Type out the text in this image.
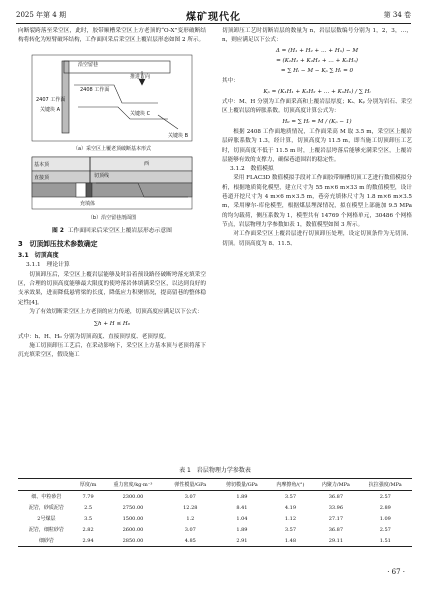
2025 年第 4 期	煤矿现代化	第 34 卷

向断裂跨落至采空区，此时，胶带顺槽采空区上方老顶的“O-X”变形破断结构将转化为短臂破坏结构，工作面回采后采空区上覆岩层形态如图 2 所示。

沿空留巷
2408 工作面
推进方向
2407 工作面
关键块 A
关键块 C
关键块 B
（a）采空区上覆老顶破断基本形式
西
基本顶
直接顶	切顶线
充填体
（b）沿空留巷剖面图
图 2 工作面回采后采空区上覆岩层形态示意图
3　切顶卸压技术参数确定
3.1　切顶高度
3.1.1　理论计算

切顶卸压后，采空区上覆岩层能够及时沿着预设路径破断垮落充填采空区，合理的切顶高度能够最大限度的使垮落岩体填满采空区，以达到良好的支承效果，进而降低悬臂梁的长度，降低应力积聚情况，提高留巷的整体稳定性[4]。

为了有效切断采空区上方老顶的应力传递，切顶高度应满足以下公式：

∑h + H ≤ H₀

式中：h、H、H₀ 分别为切顶高度、直接顶厚度、老顶厚度。

施工切顶卸压工艺后，在采动影响下，采空区上方基本顶与老顶将落下沉充填采空区，假设施工

切顶卸压工艺时切断岩层的数量为 n，岩层层数编号分别为 1，2，3，…，n，则应满足以下公式：

Δ = (H₁ + H₂ + … + Hₙ) − M
= (K₁H₁ + K₂H₂ + … + KₙHₙ)
= ∑ Hᵢ − M − Kₚ ∑ Hᵢ = 0

其中：

Kₚ = (K₁H₁ + K₂H₂ + … + KₙHₙ) / ∑ Hᵢ

式中：M、H 分别为工作面采高和上覆岩层厚度；Kᵢ、Kₚ 分别为岩石、采空区上覆岩层的碎胀系数。切顶高度计算公式为：

H₀ = ∑ Hᵢ = M / (Kₚ − 1)

根据 2408 工作面地质情况，工作面采高 M 取 3.5 m，采空区上覆岩层碎胀系数为 1.3，经计算，切顶高度为 11.5 m，即当施工切顶卸压工艺时，切顶高度不低于 11.5 m 时，上覆岩层垮落后能够充满采空区，上覆岩层能够有效的支撑力，确保巷道围岩的稳定性。

3.1.2　数值模拟

采用 FLAC3D 数值模拟手段对工作面胶带顺槽切顶工艺进行数值模拟分析，根据地质简化模型，建立尺寸为 55 m×6 m×33 m 的数值模型，设计巷道开挖尺寸为 4 m×6 m×3.5 m，巷旁充填体尺寸为 1.8 m×6 m×3.5 m，采用摩尔-库伦模型，根据煤层埋深情况，拟在模型上部施加 9.5 MPa 的均匀载荷，侧压系数为 1，模型共有 14769 个网格单元，30486 个网格节点，岩层物理力学参数如表 1，数值模型如图 3 所示。

对工作面采空区上覆岩层进行切顶卸压处理，设定切顶条件为无切顶、切顶。切顶高度为 8、11.5、

表 1　岩层物理力学参数表
	厚度/m	重力密度/kg·m⁻³	弹性模量/GPa	剪切模量/GPa	内摩擦角/(°)	内聚力/MPa	抗拉强度/MPa
细、中粒砂岩	7.79	2300.00	3.07	1.89	3.57	36.87	2.57
泥岩，砂质泥岩	2.5	2750.00	12.28	8.41	4.19	33.96	2.89
2号煤层	3.5	1500.00	1.2	1.04	1.12	27.17	1.09
泥岩，细粒砂岩	2.82	2600.00	3.07	1.89	3.57	36.87	2.57
细砂岩	2.94	2850.00	4.85	2.91	1.48	29.11	1.51
· 67 ·
